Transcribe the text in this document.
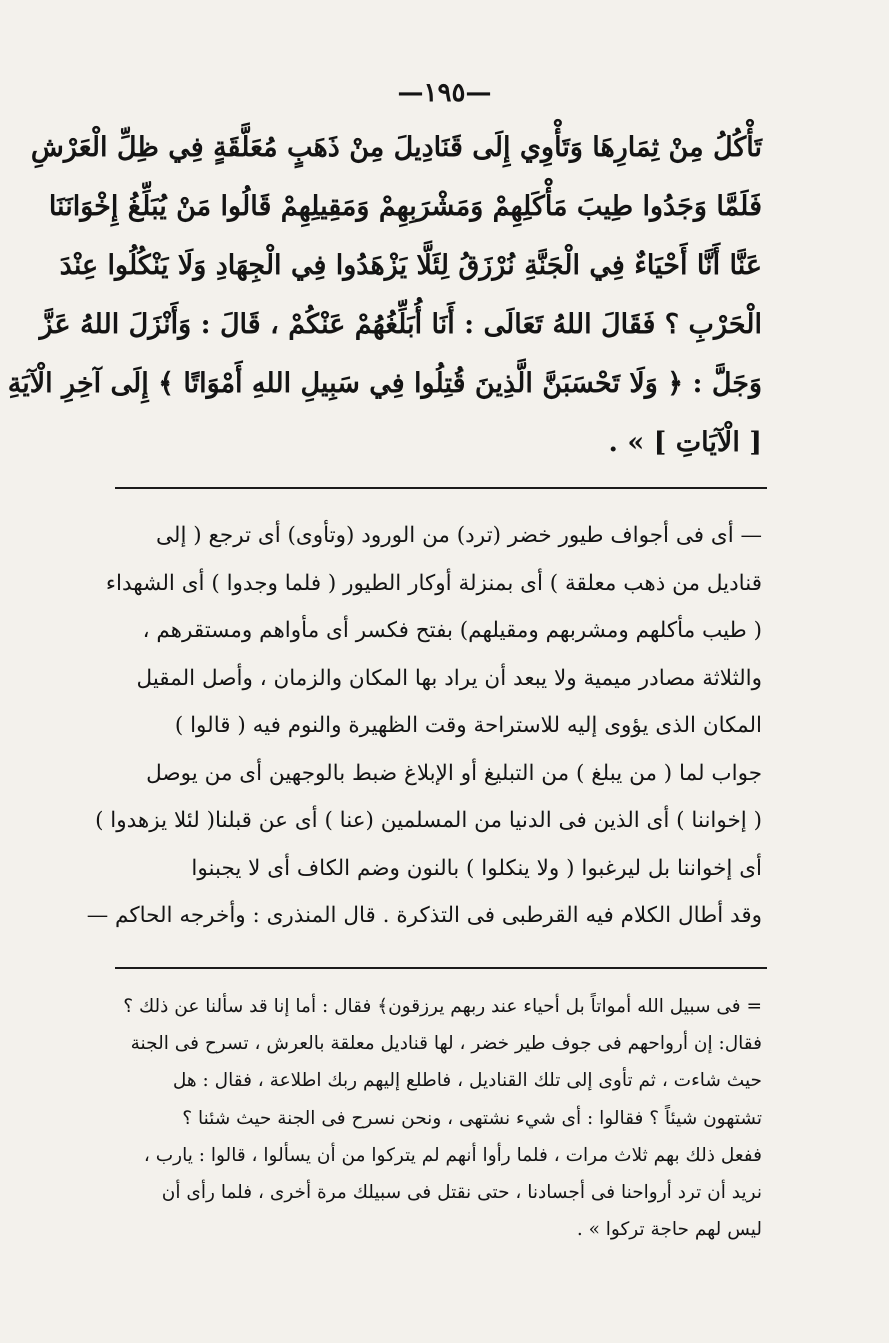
—١٩٥—
تَأْكُلُ مِنْ ثِمَارِهَا وَتَأْوِي إِلَى قَنَادِيلَ مِنْ ذَهَبٍ مُعَلَّقَةٍ فِي ظِلِّ الْعَرْشِ
فَلَمَّا وَجَدُوا طِيبَ مَأْكَلِهِمْ وَمَشْرَبِهِمْ وَمَقِيلِهِمْ قَالُوا مَنْ يُبَلِّغُ إِخْوَانَنَا
عَنَّا أَنَّا أَحْيَاءٌ فِي الْجَنَّةِ نُرْزَقُ لِئَلَّا يَزْهَدُوا فِي الْجِهَادِ وَلَا يَنْكُلُوا عِنْدَ
الْحَرْبِ ؟ فَقَالَ اللهُ تَعَالَى : أَنَا أُبَلِّغُهُمْ عَنْكُمْ ، قَالَ : وَأَنْزَلَ اللهُ عَزَّ
وَجَلَّ : ﴿ وَلَا تَحْسَبَنَّ الَّذِينَ قُتِلُوا فِي سَبِيلِ اللهِ أَمْوَاتًا ﴾ إِلَى آخِرِ الْآيَةِ
[ الْآيَاتِ ] » .
— أى فى أجواف طيور خضر (ترد) من الورود (وتأوى) أى ترجع ( إلى
قناديل من ذهب معلقة ) أى بمنزلة أوكار الطيور ( فلما وجدوا ) أى الشهداء
( طيب مأكلهم ومشربهم ومقيلهم) بفتح فكسر أى مأواهم ومستقرهم ،
والثلاثة مصادر ميمية ولا يبعد أن يراد بها المكان والزمان ، وأصل المقيل
المكان الذى يؤوى إليه للاستراحة وقت الظهيرة والنوم فيه ( قالوا )
جواب لما ( من يبلغ ) من التبليغ أو الإبلاغ ضبط بالوجهين أى من يوصل
( إخواننا ) أى الذين فى الدنيا من المسلمين (عنا ) أى عن قبلنا( لئلا يزهدوا )
أى إخواننا بل ليرغبوا ( ولا ينكلوا ) بالنون وضم الكاف أى لا يجبنوا
وقد أطال الكلام فيه القرطبى فى التذكرة . قال المنذرى : وأخرجه الحاكم —
= فى سبيل الله أمواتاً بل أحياء عند ربهم يرزقون﴾ فقال : أما إنا قد سألنا عن ذلك ؟
فقال: إن أرواحهم فى جوف طير خضر ، لها قناديل معلقة بالعرش ، تسرح فى الجنة
حيث شاءت ، ثم تأوى إلى تلك القناديل ، فاطلع إليهم ربك اطلاعة ، فقال : هل
تشتهون شيئاً ؟ فقالوا : أى شيء نشتهى ، ونحن نسرح فى الجنة حيث شئنا ؟
ففعل ذلك بهم ثلاث مرات ، فلما رأوا أنهم لم يتركوا من أن يسألوا ، قالوا : يارب ،
نريد أن ترد أرواحنا فى أجسادنا ، حتى نقتل فى سبيلك مرة أخرى ، فلما رأى أن
ليس لهم حاجة تركوا » .
